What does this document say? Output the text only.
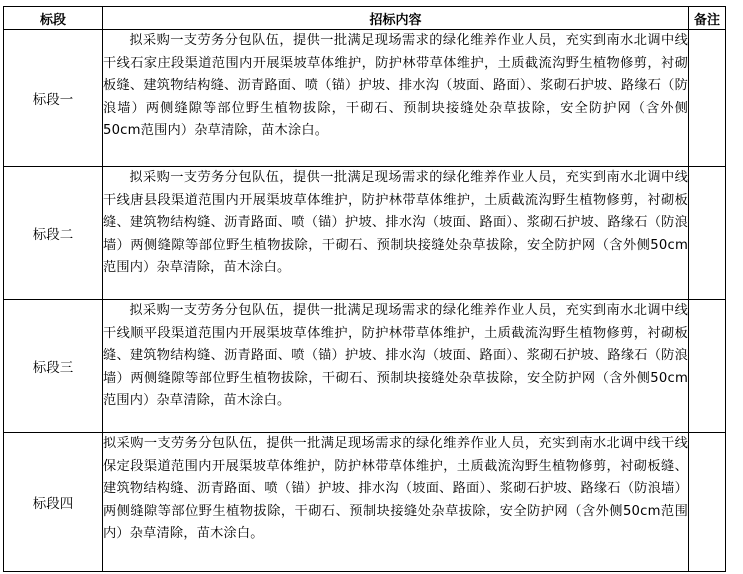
标段	招标内容	备注
标段一	拟采购一支劳务分包队伍，提供一批满足现场需求的绿化维养作业人员，充实到南水北调中线干线石家庄段渠道范围内开展渠坡草体维护，防护林带草体维护，土质截流沟野生植物修剪，衬砌板缝、建筑物结构缝、沥青路面、喷（锚）护坡、排水沟（坡面、路面）、浆砌石护坡、路缘石（防浪墙）两侧缝隙等部位野生植物拔除，干砌石、预制块接缝处杂草拔除，安全防护网（含外侧50cm范围内）杂草清除，苗木涂白。	

标段二	拟采购一支劳务分包队伍，提供一批满足现场需求的绿化维养作业人员，充实到南水北调中线干线唐县段渠道范围内开展渠坡草体维护，防护林带草体维护，土质截流沟野生植物修剪，衬砌板缝、建筑物结构缝、沥青路面、喷（锚）护坡、排水沟（坡面、路面）、浆砌石护坡、路缘石（防浪墙）两侧缝隙等部位野生植物拔除，干砌石、预制块接缝处杂草拔除，安全防护网（含外侧50cm范围内）杂草清除，苗木涂白。	

标段三	拟采购一支劳务分包队伍，提供一批满足现场需求的绿化维养作业人员，充实到南水北调中线干线顺平段渠道范围内开展渠坡草体维护，防护林带草体维护，土质截流沟野生植物修剪，衬砌板缝、建筑物结构缝、沥青路面、喷（锚）护坡、排水沟（坡面、路面）、浆砌石护坡、路缘石（防浪墙）两侧缝隙等部位野生植物拔除，干砌石、预制块接缝处杂草拔除，安全防护网（含外侧50cm范围内）杂草清除，苗木涂白。	

标段四	拟采购一支劳务分包队伍，提供一批满足现场需求的绿化维养作业人员，充实到南水北调中线干线保定段渠道范围内开展渠坡草体维护，防护林带草体维护，土质截流沟野生植物修剪，衬砌板缝、建筑物结构缝、沥青路面、喷（锚）护坡、排水沟（坡面、路面）、浆砌石护坡、路缘石（防浪墙）两侧缝隙等部位野生植物拔除，干砌石、预制块接缝处杂草拔除，安全防护网（含外侧50cm范围内）杂草清除，苗木涂白。	
